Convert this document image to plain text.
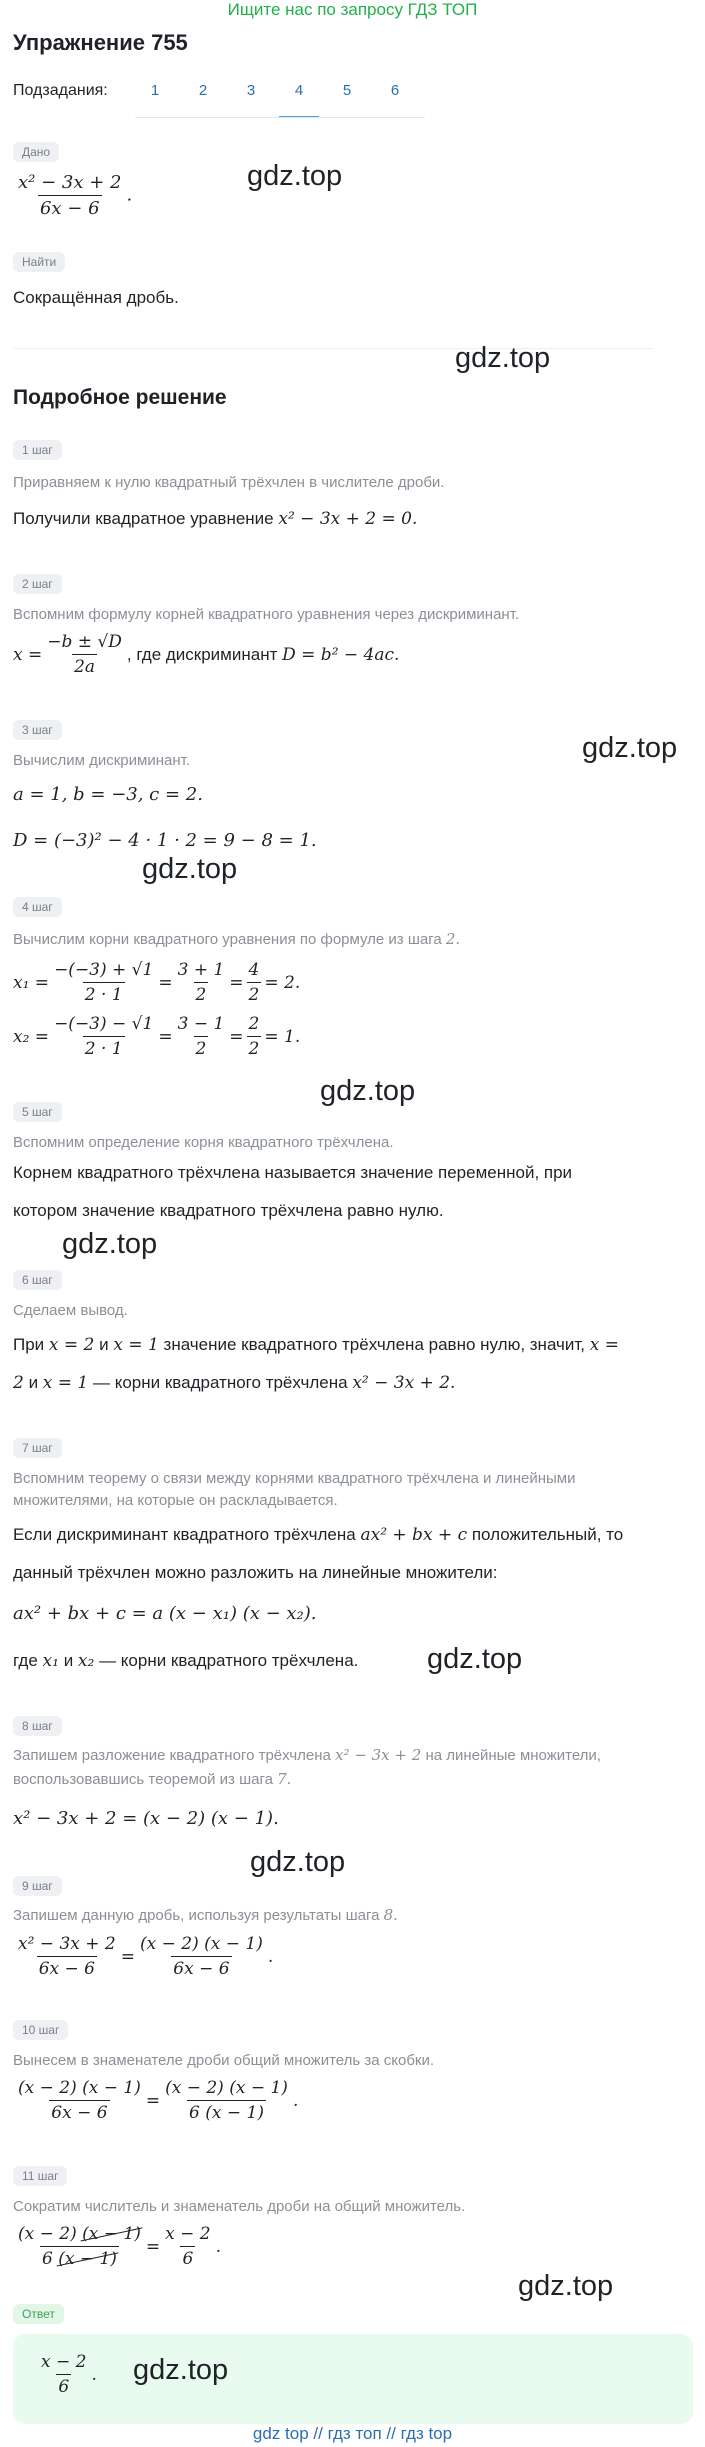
Ищите нас по запросу ГДЗ ТОП
Упражнение 755
Подзадания:	1	2	3	4	5	6
Дано
$\frac{\text{x² − 3x + 2}}{6x - 6}$ .
gdz.top
Найти
Сокращённая дробь.
gdz.top
Подробное решение
1 шаг
Приравняем к нулю квадратный трёхчлен в числителе дроби.
Получили квадратное уравнение x² − 3x + 2 = 0.
2 шаг
Вспомним формулу корней квадратного уравнения через дискриминант.
$x = \frac{-b \pm √D}{2a}$ , где дискриминант
D = b² − 4ac.
gdz.top
3 шаг
Вычислим дискриминант.
a = 1, b = −3, c = 2.
D = (−3)² − 4 · 1 · 2 = 9 − 8 = 1.
gdz.top
4 шаг
Вычислим корни квадратного уравнения по формуле из шага 2.
$x_1 = \frac{-(-3) + √1}{2 \cdot 1} = \frac{3 + 1}{2} = \frac{4}{2} = 2$.
$x_2 = \frac{-(-3) - √1}{2 \cdot 1} = \frac{3 - 1}{2} = \frac{2}{2} = 1$.
gdz.top
5 шаг
Вспомним определение корня квадратного трёхчлена.
Корнем квадратного трёхчлена называется значение переменной, при
котором значение квадратного трёхчлена равно нулю.
gdz.top
6 шаг
Сделаем вывод.
При x = 2 и x = 1 значение квадратного трёхчлена равно нулю, значит, x =
2 и x = 1 — корни квадратного трёхчлена x² − 3x + 2.
7 шаг
Вспомним теорему о связи между корнями квадратного трёхчлена и линейными
множителями, на которые он раскладывается.
Если дискриминант квадратного трёхчлена ax² + bx + c положительный, то
данный трёхчлен можно разложить на линейные множители:
ax² + bx + c = a (x − x₁) (x − x₂).
где x₁ и x₂ — корни квадратного трёхчлена. gdz.top
8 шаг
Запишем разложение квадратного трёхчлена x² − 3x + 2 на линейные множители,
воспользовавшись теоремой из шага 7.
x² − 3x + 2 = (x − 2) (x − 1).
gdz.top
9 шаг
Запишем данную дробь, используя результаты шага 8.
$\frac{\text{x² − 3x + 2}}{6x - 6} = \frac{(x - 2) (x - 1)}{6x - 6}$ .
10 шаг
Вынесем в знаменателе дроби общий множитель за скобки.
$\frac{(x - 2) (x - 1)}{6x - 6} = \frac{(x - 2) (x - 1)}{6 (x - 1)}$ .
11 шаг
Сократим числитель и знаменатель дроби на общий множитель.
$\frac{(x - 2) (x - 1)}{6 (x - 1)} = \frac{x - 2}{6}$ .
gdz.top
Ответ
$\frac{x - 2}{6}$ . gdz.top
gdz top // гдз топ // гдз top
